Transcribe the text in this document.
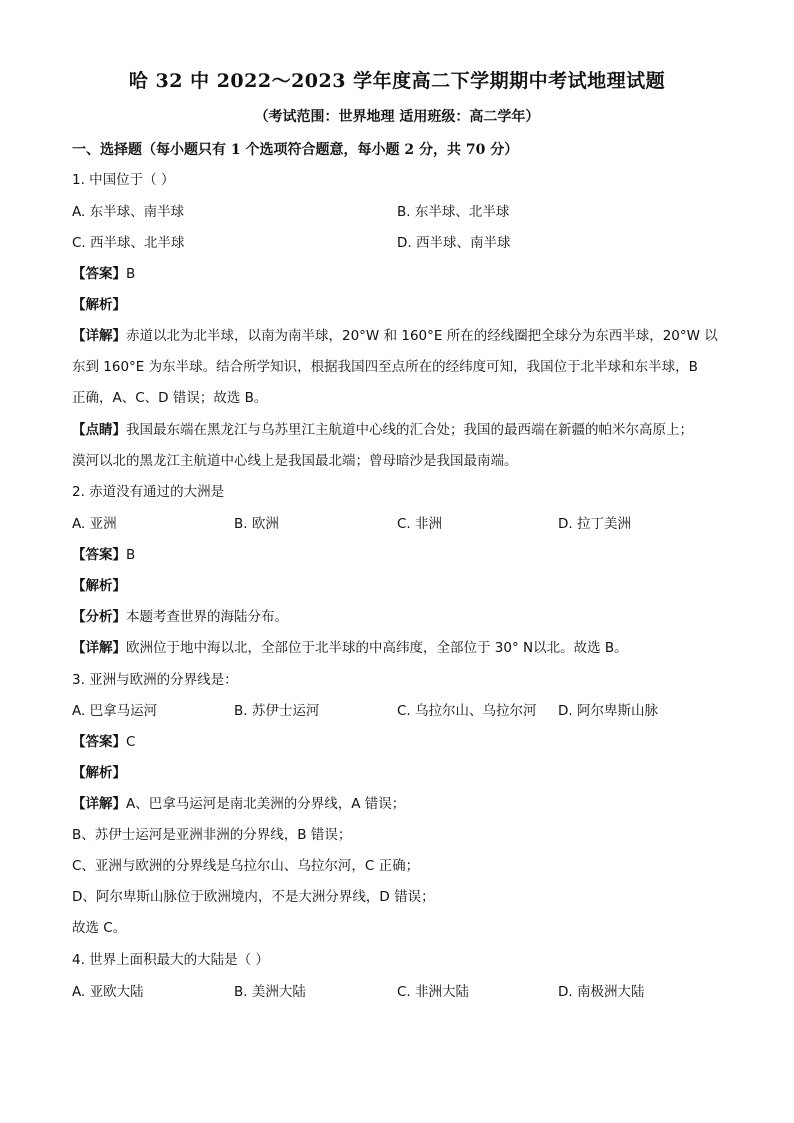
哈 32 中 2022～2023 学年度高二下学期期中考试地理试题
（考试范围：世界地理 适用班级：高二学年）
一、选择题（每小题只有 1 个选项符合题意，每小题 2 分，共 70 分）
1. 中国位于（ ）
A. 东半球、南半球	B. 东半球、北半球
C. 西半球、北半球	D. 西半球、南半球
【答案】B
【解析】
【详解】赤道以北为北半球，以南为南半球，20°W 和 160°E 所在的经线圈把全球分为东西半球，20°W 以
东到 160°E 为东半球。结合所学知识，根据我国四至点所在的经纬度可知，我国位于北半球和东半球，B
正确，A、C、D 错误；故选 B。
【点睛】我国最东端在黑龙江与乌苏里江主航道中心线的汇合处；我国的最西端在新疆的帕米尔高原上；
漠河以北的黑龙江主航道中心线上是我国最北端；曾母暗沙是我国最南端。
2. 赤道没有通过的大洲是
A. 亚洲	B. 欧洲	C. 非洲	D. 拉丁美洲
【答案】B
【解析】
【分析】本题考查世界的海陆分布。
【详解】欧洲位于地中海以北，全部位于北半球的中高纬度，全部位于 30° N以北。故选 B。
3. 亚洲与欧洲的分界线是：
A. 巴拿马运河	B. 苏伊士运河	C. 乌拉尔山、乌拉尔河 D. 阿尔卑斯山脉
【答案】C
【解析】
【详解】A、巴拿马运河是南北美洲的分界线，A 错误；
B、苏伊士运河是亚洲非洲的分界线，B 错误；
C、亚洲与欧洲的分界线是乌拉尔山、乌拉尔河，C 正确；
D、阿尔卑斯山脉位于欧洲境内，不是大洲分界线，D 错误；
故选 C。
4. 世界上面积最大的大陆是（ ）
A. 亚欧大陆	B. 美洲大陆	C. 非洲大陆	D. 南极洲大陆
